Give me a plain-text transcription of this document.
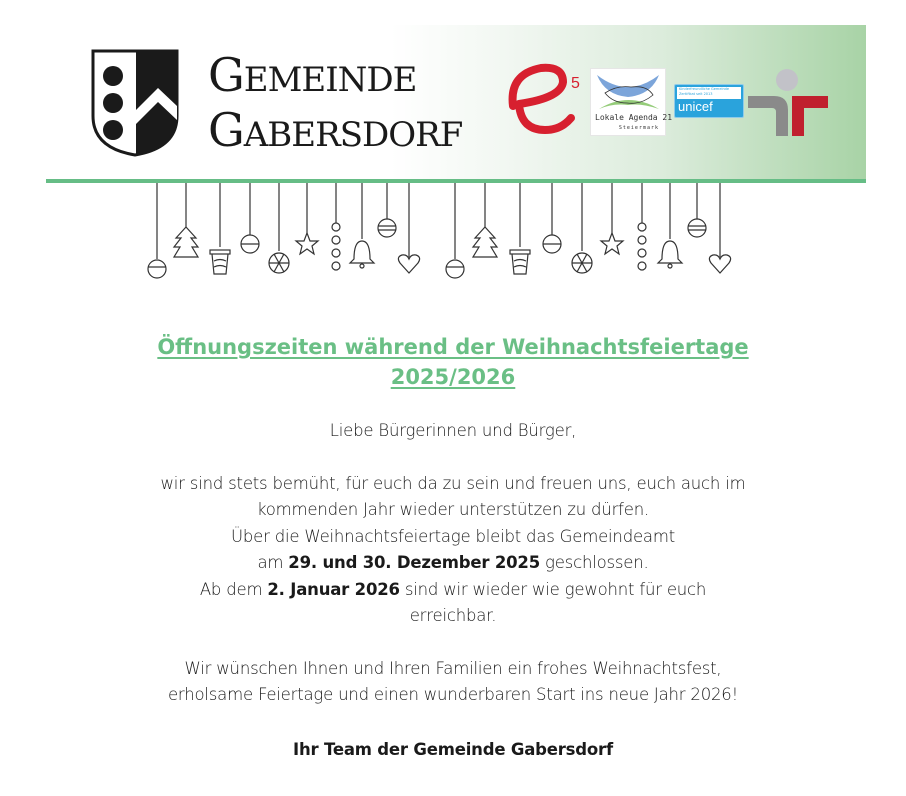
GEMEINDE
GABERSDORF
5
Lokale Agenda 21
Steiermark
Kinderfreundliche Gemeinde
Zertifikat seit 2013
unicef
Öffnungszeiten während der Weihnachtsfeiertage
2025/2026

Liebe Bürgerinnen und Bürger,

wir sind stets bemüht, für euch da zu sein und freuen uns, euch auch im
kommenden Jahr wieder unterstützen zu dürfen.
Über die Weihnachtsfeiertage bleibt das Gemeindeamt
am 29. und 30. Dezember 2025 geschlossen.
Ab dem 2. Januar 2026 sind wir wieder wie gewohnt für euch
erreichbar.

Wir wünschen Ihnen und Ihren Familien ein frohes Weihnachtsfest,
erholsame Feiertage und einen wunderbaren Start ins neue Jahr 2026!

Ihr Team der Gemeinde Gabersdorf
